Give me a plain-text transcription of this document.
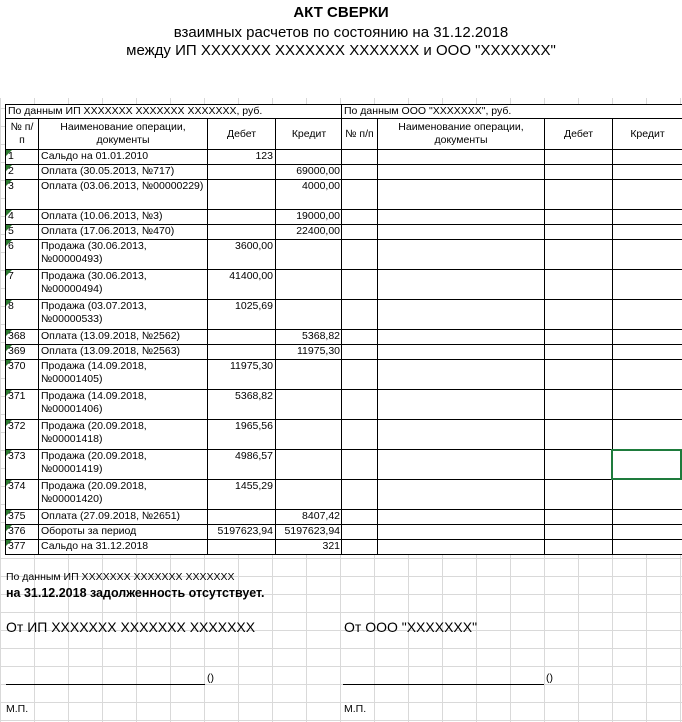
АКТ СВЕРКИ
взаимных расчетов по состоянию на 31.12.2018
между ИП ХХХХХХХ ХХХХХХХ ХХХХХХХ и ООО "ХХХХХХХ"
По данным ИП ХХХХХХХ ХХХХХХХ ХХХХХХХ, руб.			
№ п/п	Наименование операции, документы	Дебет	Кредит

1	Сальдо на 01.01.2010	123	

2	Оплата (30.05.2013, №717)		69000,00

3	Оплата (03.06.2013, №00000229)		4000,00

4	Оплата (10.06.2013, №3)		19000,00

5	Оплата (17.06.2013, №470)		22400,00

6	Продажа (30.06.2013, №00000493)	3600,00	

7	Продажа (30.06.2013, №00000494)	41400,00	

8	Продажа (03.07.2013, №00000533)	1025,69	

368	Оплата (13.09.2018, №2562)		5368,82

369	Оплата (13.09.2018, №2563)		11975,30

370	Продажа (14.09.2018, №00001405)	11975,30	

371	Продажа (14.09.2018, №00001406)	5368,82	

372	Продажа (20.09.2018, №00001418)	1965,56	

373	Продажа (20.09.2018, №00001419)	4986,57	

374	Продажа (20.09.2018, №00001420)	1455,29	

375	Оплата (27.09.2018, №2651)		8407,42

376	Обороты за период	5197623,94	5197623,94

377	Сальдо на 31.12.2018		321
По данным ООО "ХХХХХХХ", руб.			
№ п/п	Наименование операции, документы	Дебет	Кредит

По данным ИП ХХХХХХХ ХХХХХХХ ХХХХХХХ
на 31.12.2018 задолженность отсутствует.
От ИП ХХХХХХХ ХХХХХХХ ХХХХХХХ	От ООО "ХХХХХХХ"
()	()
М.П.	М.П.
